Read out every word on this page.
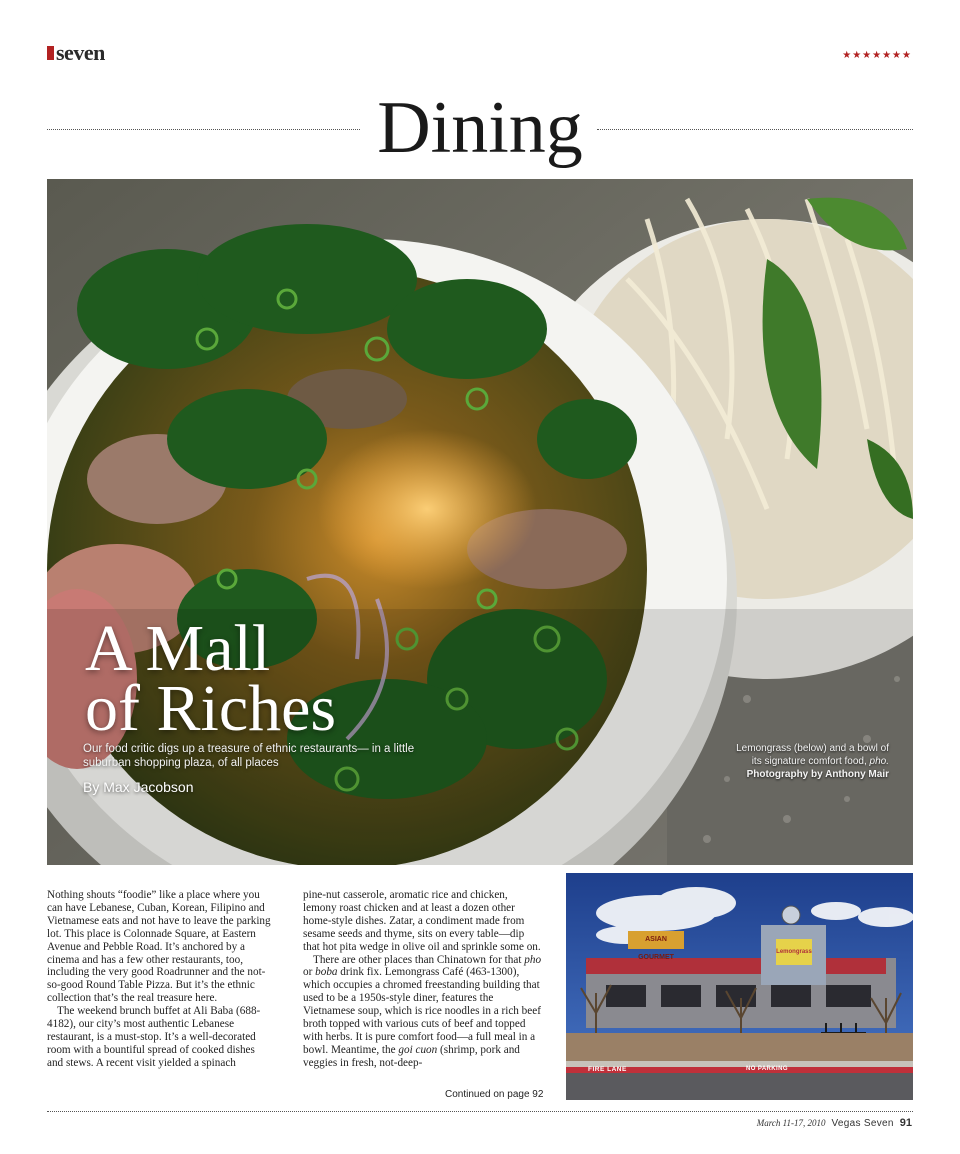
seven	★★★★★★★
Dining
A Mall
of Riches
Our food critic digs up a treasure of ethnic restaurants— in a little suburban shopping plaza, of all places
By Max Jacobson
Lemongrass (below) and a bowl of
its signature comfort food, pho.
Photography by Anthony Mair

Nothing shouts “foodie” like a place where you can have Lebanese, Cuban, Korean, Filipino and Vietnamese eats and not have to leave the parking lot. This place is Colonnade Square, at Eastern Avenue and Pebble Road. It’s anchored by a cinema and has a few other restaurants, too, including the very good Roadrunner and the not-so-good Round Table Pizza. But it’s the ethnic collection that’s the real treasure here.

The weekend brunch buffet at Ali Baba (688-4182), our city’s most authentic Lebanese restaurant, is a must-stop. It’s a well-decorated room with a bountiful spread of cooked dishes and stews. A recent visit yielded a spinach

pine-nut casserole, aromatic rice and chicken, lemony roast chicken and at least a dozen other home-style dishes. Zatar, a condiment made from sesame seeds and thyme, sits on every table—dip that hot pita wedge in olive oil and sprinkle some on.

There are other places than Chinatown for that pho or boba drink fix. Lemongrass Café (463-1300), which occupies a chromed freestanding building that used to be a 1950s-style diner, features the Vietnamese soup, which is rice noodles in a rich beef broth topped with various cuts of beef and topped with herbs. It is pure comfort food—a full meal in a bowl. Meantime, the goi cuon (shrimp, pork and veggies in fresh, not-deep-

Continued on page 92
ASIAN GOURMET
Lemongrass
FIRE LANE	NO PARKING
March 11-17, 2010 Vegas Seven 91
